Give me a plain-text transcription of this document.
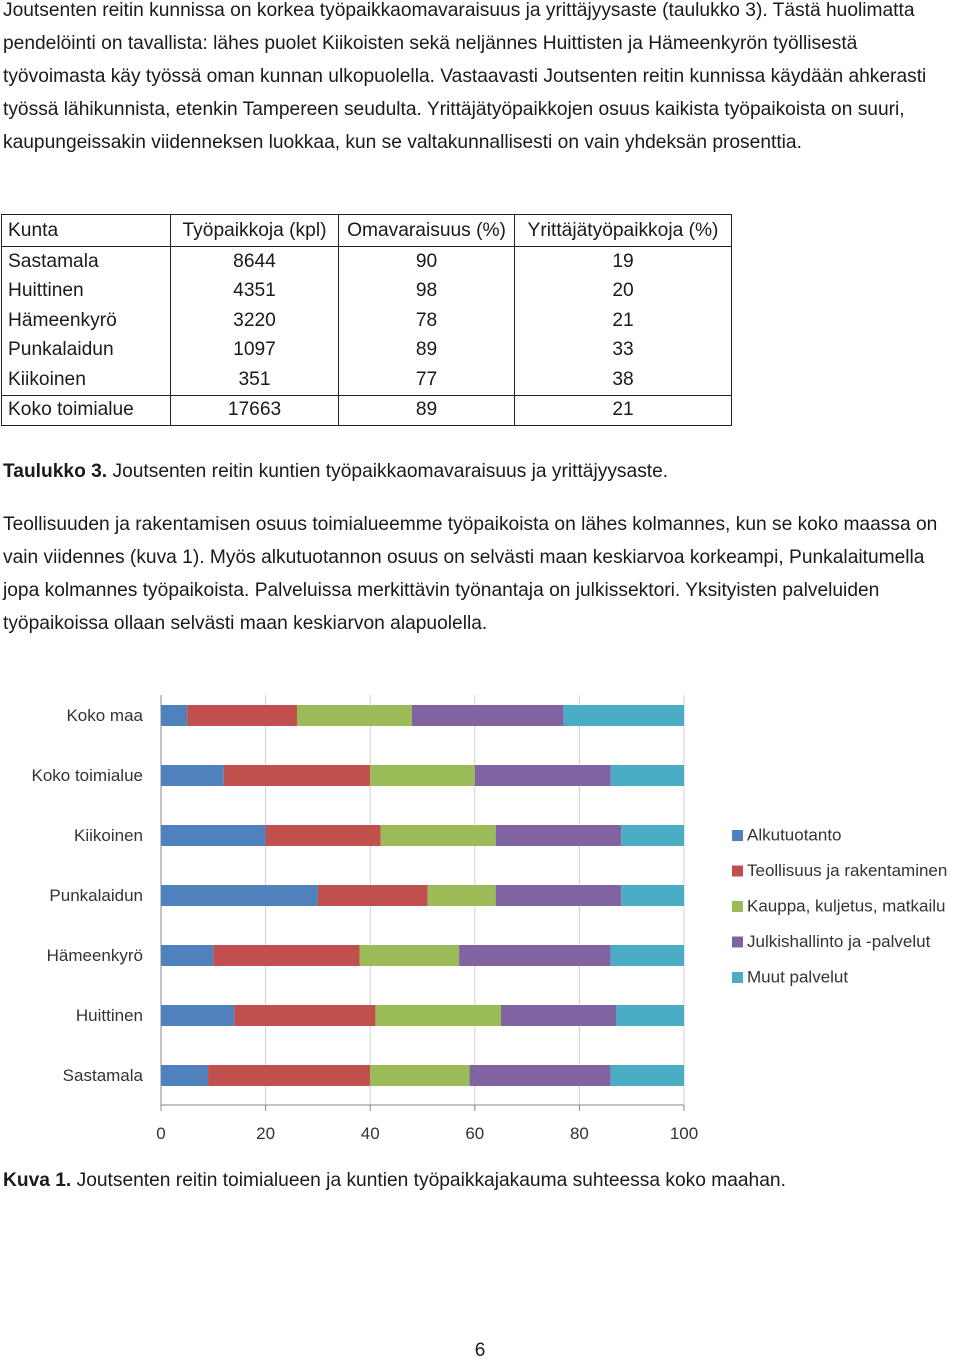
Joutsenten reitin kunnissa on korkea työpaikkaomavaraisuus ja yrittäjyysaste (taulukko 3). Tästä huolimatta pendelöinti on tavallista: lähes puolet Kiikoisten sekä neljännes Huittisten ja Hämeenkyrön työllisestä työvoimasta käy työssä oman kunnan ulkopuolella. Vastaavasti Joutsenten reitin kunnissa käydään ahkerasti työssä lähikunnista, etenkin Tampereen seudulta. Yrittäjätyöpaikkojen osuus kaikista työpaikoista on suuri, kaupungeissakin viidenneksen luokkaa, kun se valtakunnallisesti on vain yhdeksän prosenttia.

Kunta	Työpaikkoja (kpl)	Omavaraisuus (%)	Yrittäjätyöpaikkoja (%)
Sastamala	8644	90	19
Huittinen	4351	98	20
Hämeenkyrö	3220	78	21
Punkalaidun	1097	89	33
Kiikoinen	351	77	38
Koko toimialue	17663	89	21

Taulukko 3. Joutsenten reitin kuntien työpaikkaomavaraisuus ja yrittäjyysaste.

Teollisuuden ja rakentamisen osuus toimialueemme työpaikoista on lähes kolmannes, kun se koko maassa on vain viidennes (kuva 1). Myös alkutuotannon osuus on selvästi maan keskiarvoa korkeampi, Punkalaitumella jopa kolmannes työpaikoista. Palveluissa merkittävin työnantaja on julkissektori. Yksityisten palveluiden työpaikoissa ollaan selvästi maan keskiarvon alapuolella.

0	20	40	60	80	100
Koko maa
Koko toimialue
Kiikoinen
Punkalaidun
Hämeenkyrö
Huittinen
Sastamala
Alkutuotanto
Teollisuus ja rakentaminen
Kauppa, kuljetus, matkailu
Julkishallinto ja -palvelut
Muut palvelut

Kuva 1. Joutsenten reitin toimialueen ja kuntien työpaikkajakauma suhteessa koko maahan.

6
